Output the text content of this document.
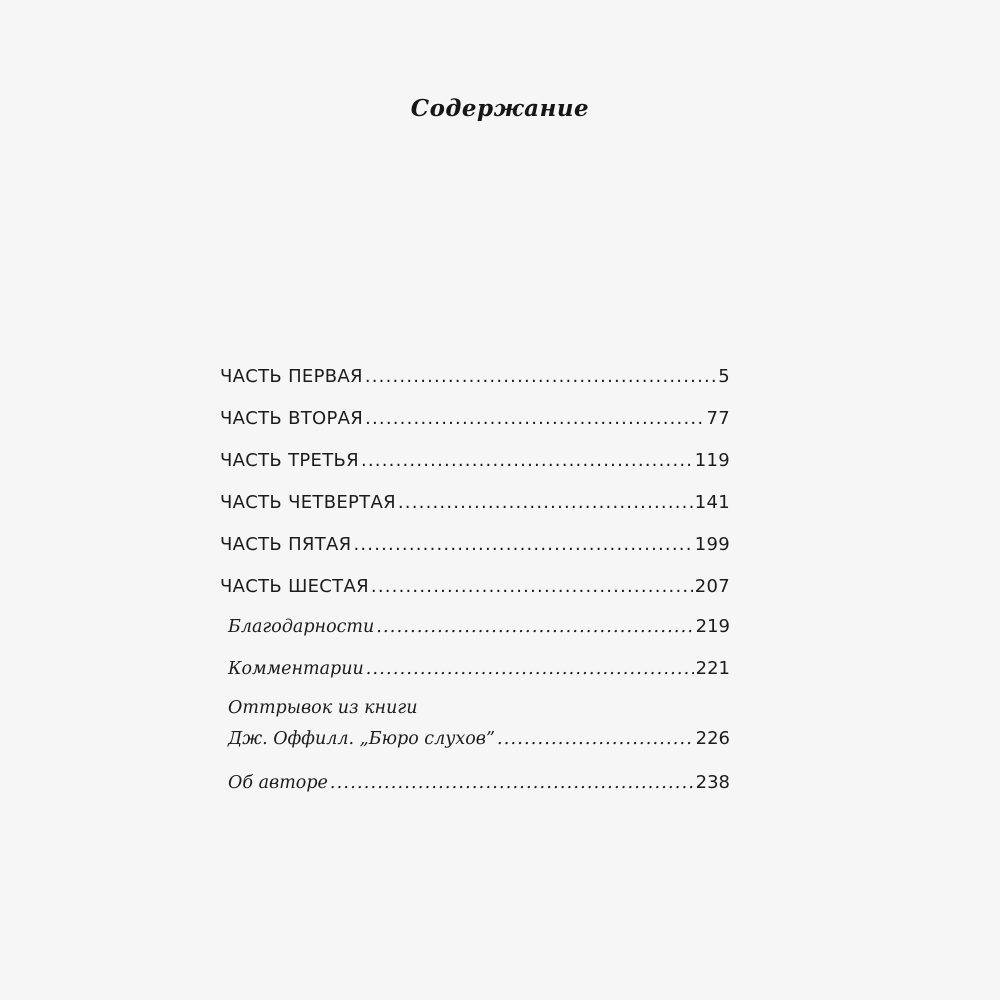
Содержание
ЧАСТЬ ПЕРВАЯ .....	5
ЧАСТЬ ВТОРАЯ .....	77
ЧАСТЬ ТРЕТЬЯ .....	119
ЧАСТЬ ЧЕТВЕРТАЯ .....	141
ЧАСТЬ ПЯТАЯ .....	199
ЧАСТЬ ШЕСТАЯ .....	207
Благодарности .....	219
Комментарии .....	221
Оттрывок из книги
Дж. Оффилл. „Бюро слухов” .....	226
Об авторе .....	238
